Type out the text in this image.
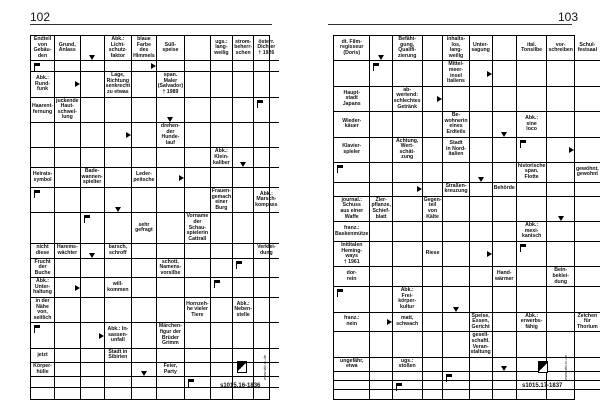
102	103
Endteil
von
Gebäu-
den
Grund,
Anlass
Abk.:
Licht-
schutz-
faktor
blaue
Farbe
des
Himmels
Süß-
speise
ugs.:
lang-
weilig
strom-
beherr-
schen
österr.
Dichter
† 1926
Abk.:
Rund-
funk
Lage,
Richtung
senkrecht
zu etwas
span.
Maler
(Salvador)
† 1989
Haarent-
fernung
juckende
Haut-
schwel-
lung
drehen-
der
Hunde-
lauf
Abk.:
Klein-
kaliber
Heirats-
symbol
Bade-
wannen-
spielter
Leder-
peitsche
Frauen-
gemach
einer
Burg
Abk.:
Marsch-
kompass
sehr
gefragt
Vorname
der Schau-
spielerin
Cattrall
nicht
diese
Harems-
wächter
barsch,
schroff
Verklei-
dung
Frucht
der
Buche
schott.
Namens-
vorsilbe
Abk.:
Unter-
haltung
will-
kommen
in der
Nähe
von,
seitlich
Hornzeh-
he vieler
Tiere
Abk.:
Neben-
stelle
Abk.: In-
sassen-
unfall
Märchen-
figur der
Brüder
Grimm
jetzt	Stadt in
Sibirien
Körper-
hülle
Feier,
Party
dt. Film-
regisseur
(Doris)
Befähi-
gung,
Qualifi-
zierung
inhalts-
los,
lang-
weilig
Unter-
sagung
ital.
Tonsilbe
vor-
schreiben
Schul-
festsaal
Mittel-
meer-
insel
Italiens
Haupt-
stadt
Japans
ab-
wertend:
schlechtes
Getränk
Wieder-
käuer
Be-
wohnerin
eines
Erdteils
Abk.:
sine
loco
Klavier-
spieler
Achtung,
Wert-
schät-
zung
Stadt
in Nord-
italien
historische
span.
Flotte
gewöhnt,
gewohnt
Straßen-
kreuzung	Behörde
journal.:
Schuss
aus einer
Waffe
Zier-
pflanze,
Schief-
blatt
Gegen-
teil von
Kälte
franz.:
Baskenmütze
Abk.:
mexi-
kanisch
Inititalen
Heming-
ways
† 1961
Riese
dor-
rein
Hand-
wärmer
Bein-
beklei-
dung
Abk.:
Frei-
körper-
kultur
franz.:
nein
matt,
schwach
Speise,
Essen,
Gericht
Abk.:
erwerbs-
fähig
Zeichen
für
Thorium
gesell-
schaftl.
Veran-
staltung
ungefähr,
etwa
ugs.:
stoßen
s1015.16-1836	s1015.17-1837
www.stb-rc.de	www.stb-rc.de
